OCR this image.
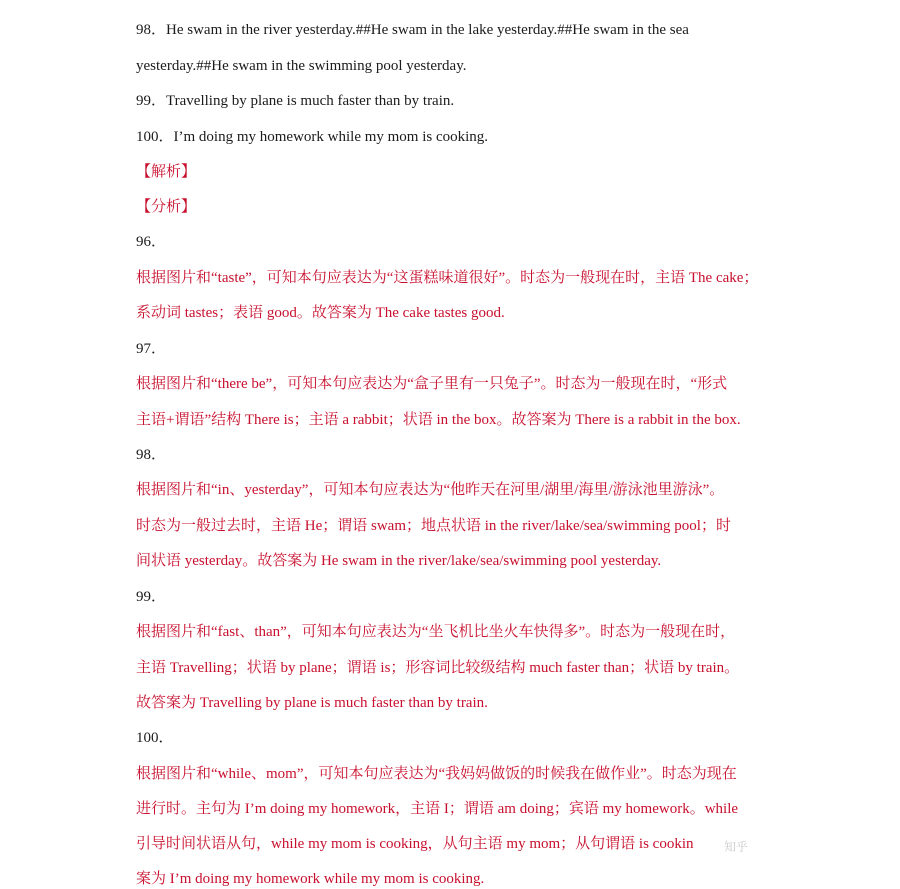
98．He swam in the river yesterday.##He swam in the lake yesterday.##He swam in the sea
yesterday.##He swam in the swimming pool yesterday.
99．Travelling by plane is much faster than by train.
100．I’m doing my homework while my mom is cooking.
【解析】
【分析】
96．
根据图片和“taste”，可知本句应表达为“这蛋糕味道很好”。时态为一般现在时，主语 The cake；
系动词 tastes；表语 good。故答案为 The cake tastes good.
97．
根据图片和“there be”，可知本句应表达为“盒子里有一只兔子”。时态为一般现在时，“形式
主语+谓语”结构 There is；主语 a rabbit；状语 in the box。故答案为 There is a rabbit in the box.
98．
根据图片和“in、yesterday”，可知本句应表达为“他昨天在河里/湖里/海里/游泳池里游泳”。
时态为一般过去时，主语 He；谓语 swam；地点状语 in the river/lake/sea/swimming pool；时
间状语 yesterday。故答案为 He swam in the river/lake/sea/swimming pool yesterday.
99．
根据图片和“fast、than”，可知本句应表达为“坐飞机比坐火车快得多”。时态为一般现在时，
主语 Travelling；状语 by plane；谓语 is；形容词比较级结构 much faster than；状语 by train。
故答案为 Travelling by plane is much faster than by train.
100．
根据图片和“while、mom”，可知本句应表达为“我妈妈做饭的时候我在做作业”。时态为现在
进行时。主句为 I’m doing my homework，主语 I；谓语 am doing；宾语 my homework。while
引导时间状语从句，while my mom is cooking，从句主语 my mom；从句谓语 is cookin
案为 I’m doing my homework while my mom is cooking.
知乎
